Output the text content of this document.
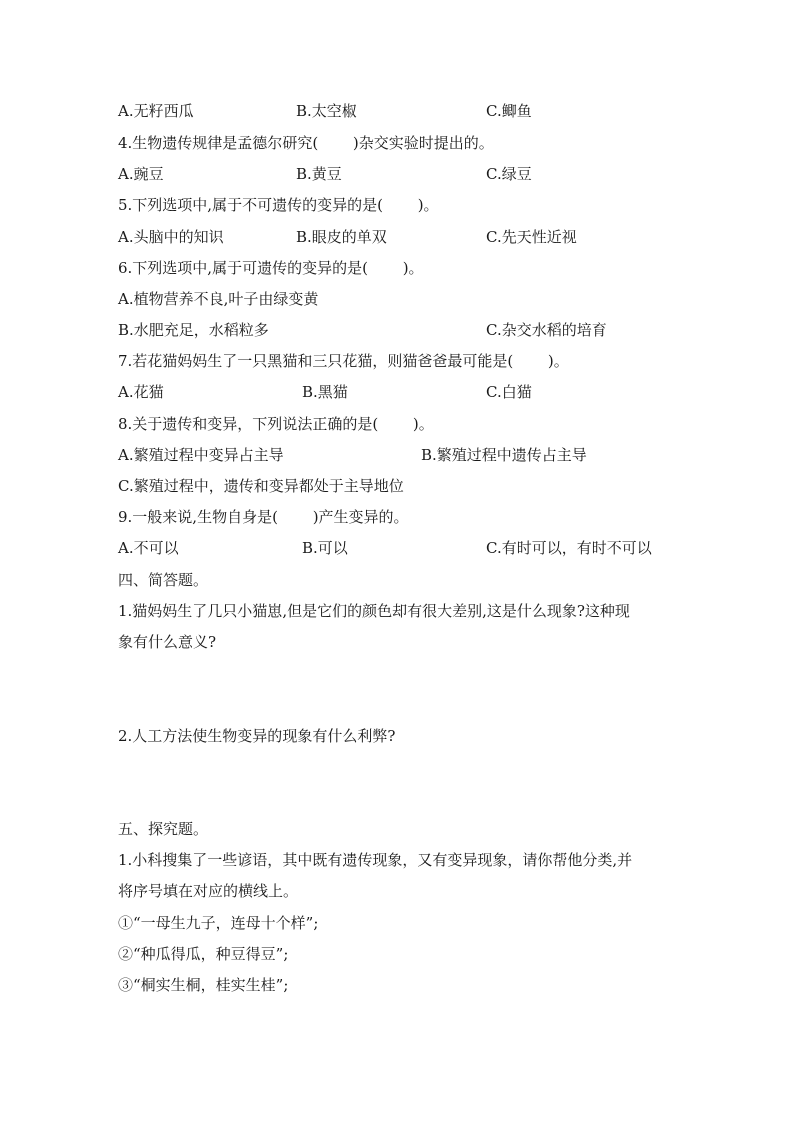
A.无籽西瓜	B.太空椒	C.鲫鱼
4.生物遗传规律是孟德尔研究(　　 )杂交实验时提出的。
A.豌豆	B.黄豆	C.绿豆
5.下列选项中,属于不可遗传的变异的是(　　 )。
A.头脑中的知识	B.眼皮的单双	C.先天性近视
6.下列选项中,属于可遗传的变异的是(　　 )。
A.植物营养不良,叶子由绿变黄
B.水肥充足，水稻粒多	C.杂交水稻的培育
7.若花猫妈妈生了一只黑猫和三只花猫，则猫爸爸最可能是(　　 )。
A.花猫	B.黑猫	C.白猫
8.关于遗传和变异，下列说法正确的是(　　 )。
A.繁殖过程中变异占主导	B.繁殖过程中遗传占主导
C.繁殖过程中，遗传和变异都处于主导地位
9.一般来说,生物自身是(　　 )产生变异的。
A.不可以	B.可以	C.有时可以，有时不可以
四、简答题。
1.猫妈妈生了几只小猫崽,但是它们的颜色却有很大差别,这是什么现象?这种现
象有什么意义?
2.人工方法使生物变异的现象有什么利弊?
五、探究题。
1.小科搜集了一些谚语，其中既有遗传现象，又有变异现象，请你帮他分类,并
将序号填在对应的横线上。
①“一母生九子，连母十个样”;
②“种瓜得瓜，种豆得豆”;
③“桐实生桐，桂实生桂”;
